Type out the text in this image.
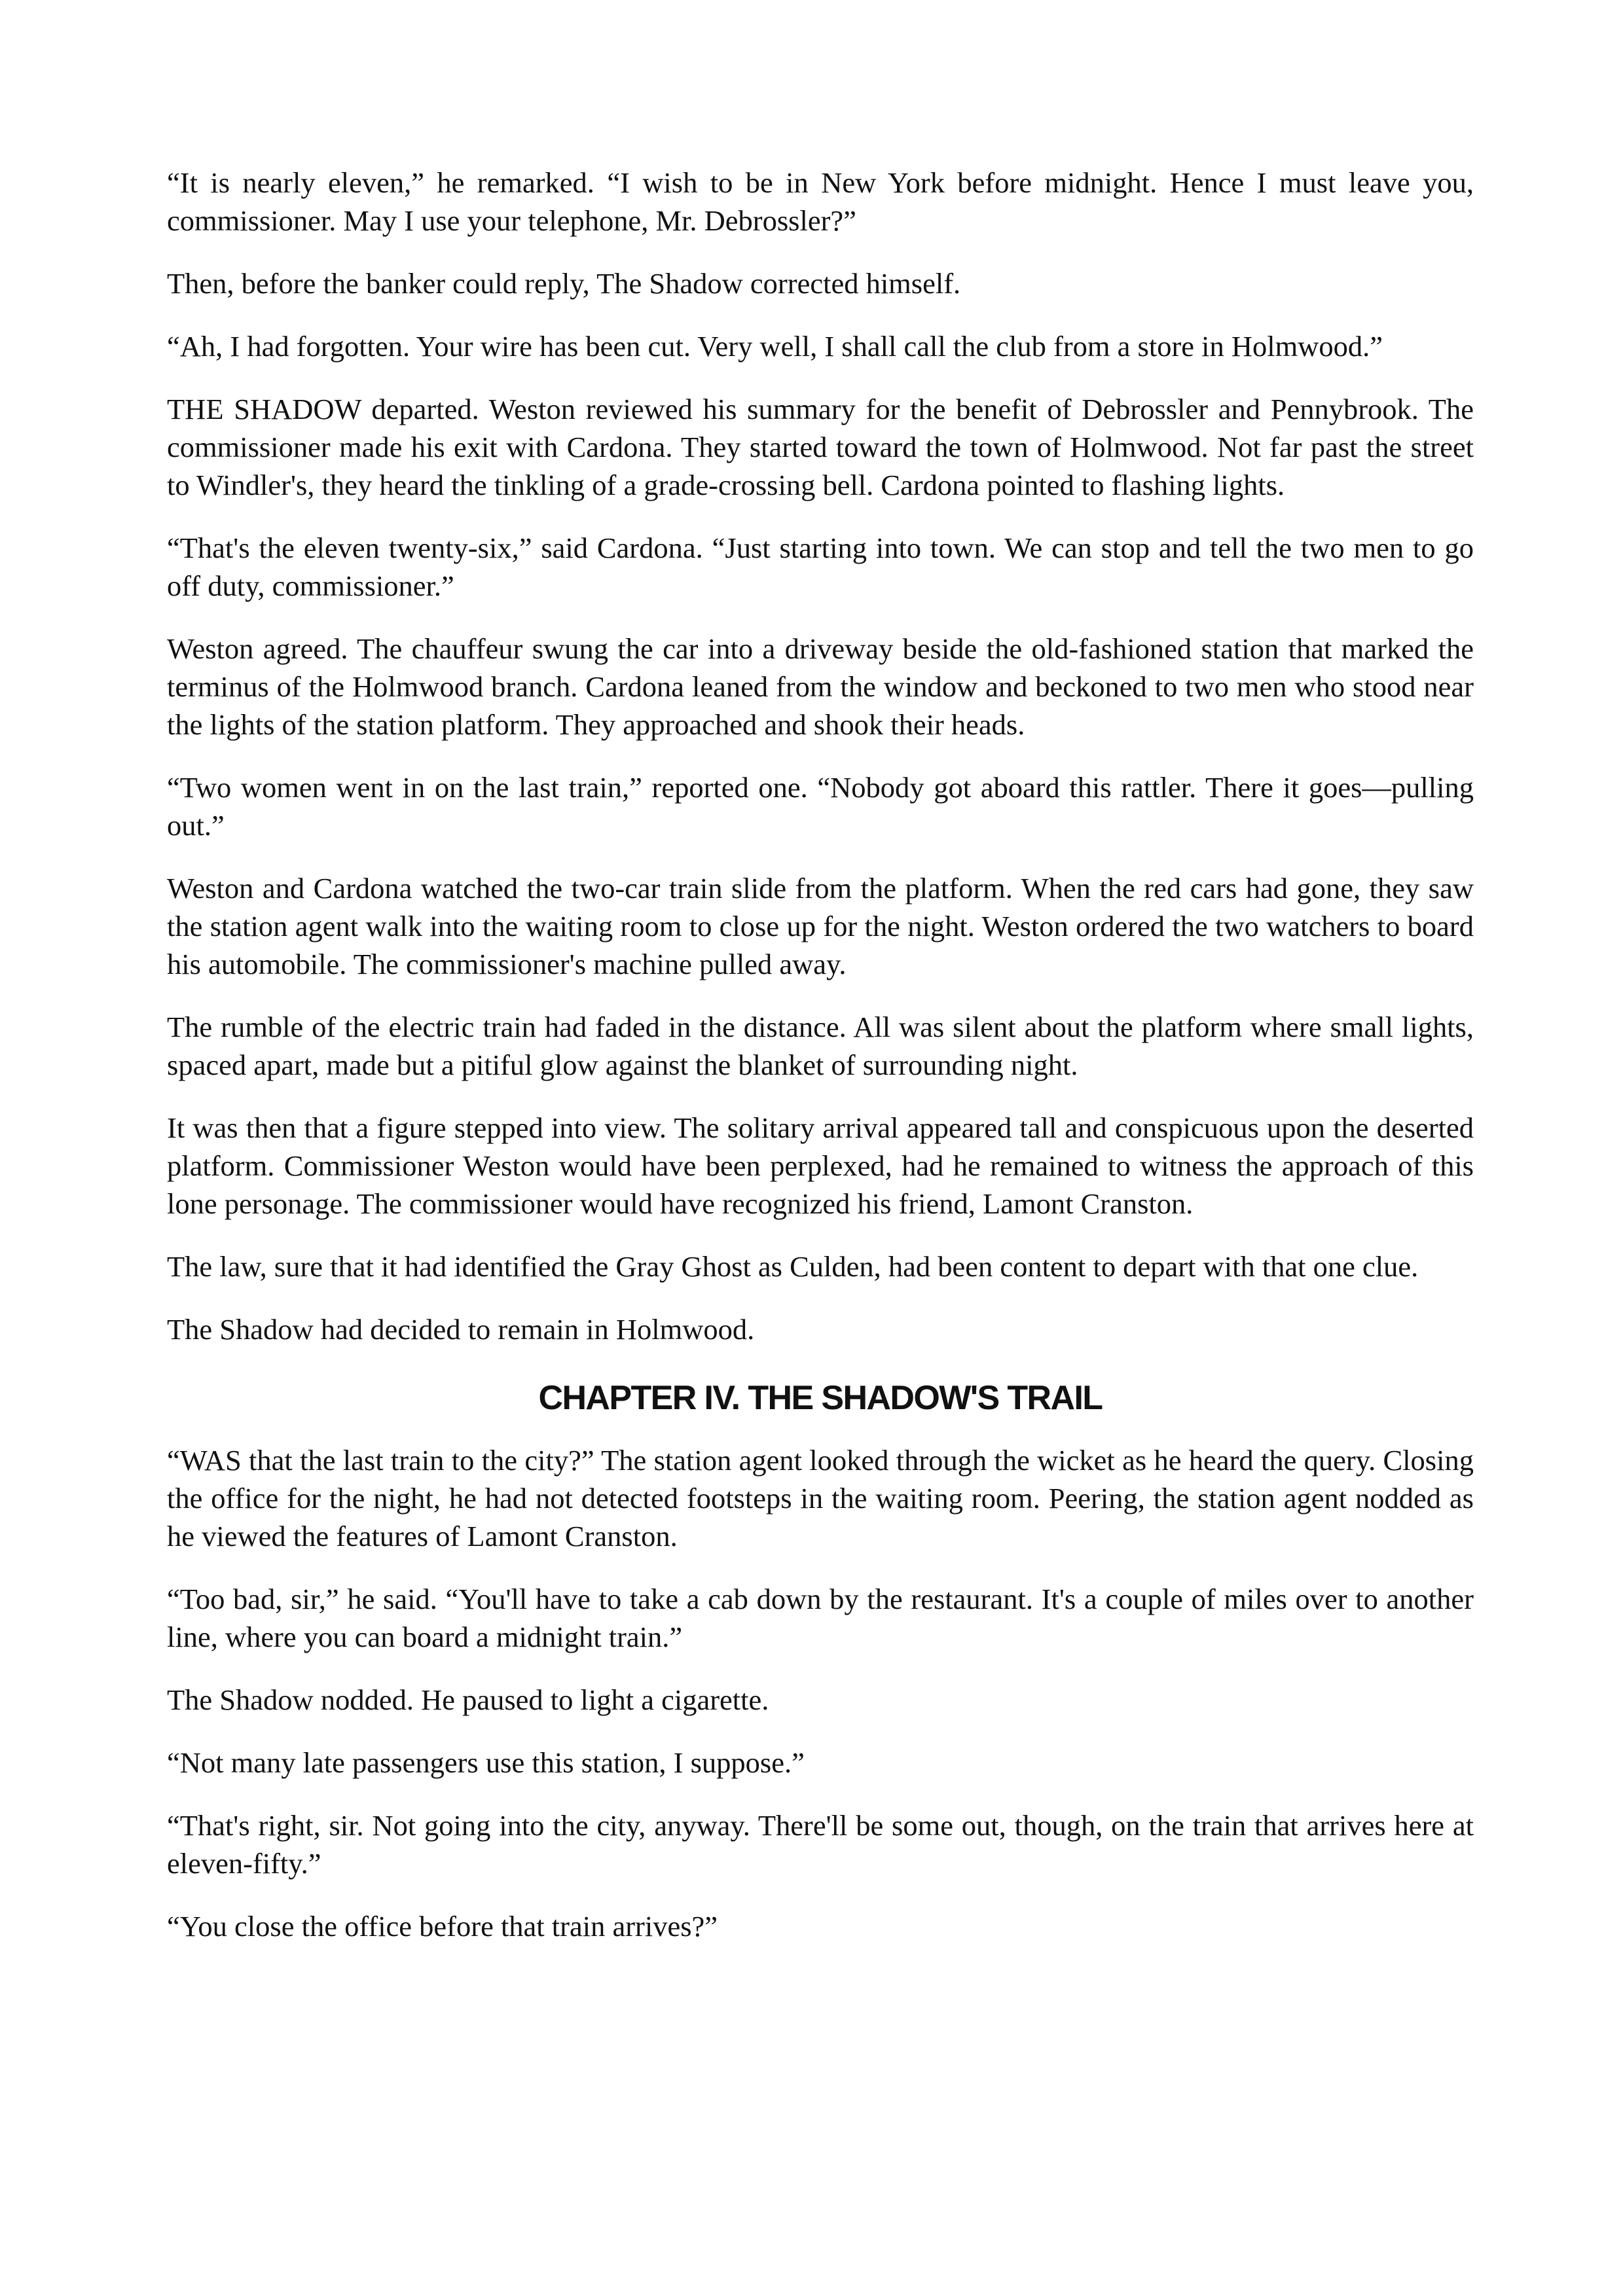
“It is nearly eleven,” he remarked. “I wish to be in New York before midnight. Hence I must leave you, commissioner. May I use your telephone, Mr. Debrossler?”

Then, before the banker could reply, The Shadow corrected himself.

“Ah, I had forgotten. Your wire has been cut. Very well, I shall call the club from a store in Holmwood.”

THE SHADOW departed. Weston reviewed his summary for the benefit of Debrossler and Pennybrook. The commissioner made his exit with Cardona. They started toward the town of Holmwood. Not far past the street to Windler's, they heard the tinkling of a grade-crossing bell. Cardona pointed to flashing lights.

“That's the eleven twenty-six,” said Cardona. “Just starting into town. We can stop and tell the two men to go off duty, commissioner.”

Weston agreed. The chauffeur swung the car into a driveway beside the old-fashioned station that marked the terminus of the Holmwood branch. Cardona leaned from the window and beckoned to two men who stood near the lights of the station platform. They approached and shook their heads.

“Two women went in on the last train,” reported one. “Nobody got aboard this rattler. There it goes—pulling out.”

Weston and Cardona watched the two-car train slide from the platform. When the red cars had gone, they saw the station agent walk into the waiting room to close up for the night. Weston ordered the two watchers to board his automobile. The commissioner's machine pulled away.

The rumble of the electric train had faded in the distance. All was silent about the platform where small lights, spaced apart, made but a pitiful glow against the blanket of surrounding night.

It was then that a figure stepped into view. The solitary arrival appeared tall and conspicuous upon the deserted platform. Commissioner Weston would have been perplexed, had he remained to witness the approach of this lone personage. The commissioner would have recognized his friend, Lamont Cranston.

The law, sure that it had identified the Gray Ghost as Culden, had been content to depart with that one clue.

The Shadow had decided to remain in Holmwood.

CHAPTER IV. THE SHADOW'S TRAIL

“WAS that the last train to the city?” The station agent looked through the wicket as he heard the query. Closing the office for the night, he had not detected footsteps in the waiting room. Peering, the station agent nodded as he viewed the features of Lamont Cranston.

“Too bad, sir,” he said. “You'll have to take a cab down by the restaurant. It's a couple of miles over to another line, where you can board a midnight train.”

The Shadow nodded. He paused to light a cigarette.

“Not many late passengers use this station, I suppose.”

“That's right, sir. Not going into the city, anyway. There'll be some out, though, on the train that arrives here at eleven-fifty.”

“You close the office before that train arrives?”
